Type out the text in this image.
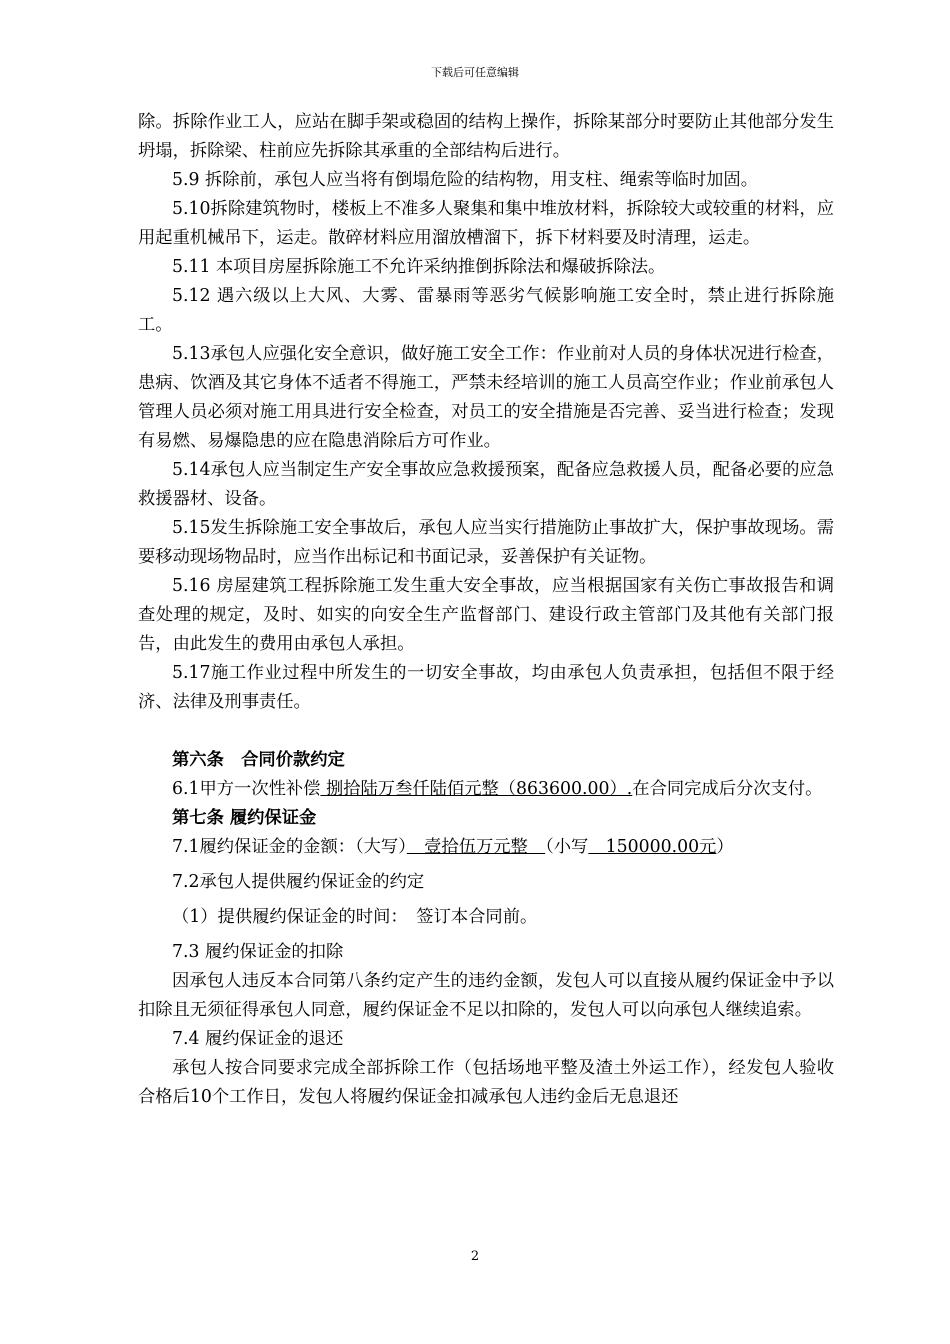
下载后可任意编辑

除。拆除作业工人，应站在脚手架或稳固的结构上操作，拆除某部分时要防止其他部分发生坍塌，拆除梁、柱前应先拆除其承重的全部结构后进行。

5.9 拆除前，承包人应当将有倒塌危险的结构物，用支柱、绳索等临时加固。

5.10拆除建筑物时，楼板上不准多人聚集和集中堆放材料，拆除较大或较重的材料，应用起重机械吊下，运走。散碎材料应用溜放槽溜下，拆下材料要及时清理，运走。

5.11 本项目房屋拆除施工不允许采纳推倒拆除法和爆破拆除法。

5.12 遇六级以上大风、大雾、雷暴雨等恶劣气候影响施工安全时，禁止进行拆除施工。

5.13承包人应强化安全意识，做好施工安全工作：作业前对人员的身体状况进行检查，患病、饮酒及其它身体不适者不得施工，严禁未经培训的施工人员高空作业；作业前承包人管理人员必须对施工用具进行安全检查，对员工的安全措施是否完善、妥当进行检查；发现有易燃、易爆隐患的应在隐患消除后方可作业。

5.14承包人应当制定生产安全事故应急救援预案，配备应急救援人员，配备必要的应急救援器材、设备。

5.15发生拆除施工安全事故后，承包人应当实行措施防止事故扩大，保护事故现场。需要移动现场物品时，应当作出标记和书面记录，妥善保护有关证物。

5.16 房屋建筑工程拆除施工发生重大安全事故，应当根据国家有关伤亡事故报告和调查处理的规定，及时、如实的向安全生产监督部门、建设行政主管部门及其他有关部门报告，由此发生的费用由承包人承担。

5.17施工作业过程中所发生的一切安全事故，均由承包人负责承担，包括但不限于经济、法律及刑事责任。

第六条　合同价款约定

6.1甲方一次性补偿 捌拾陆万叁仟陆佰元整（863600.00）.在合同完成后分次支付。

第七条 履约保证金

7.1履约保证金的金额：（大写）　壹拾伍万元整　（小写　150000.00元）

7.2承包人提供履约保证金的约定

（1）提供履约保证金的时间：　签订本合同前。

7.3 履约保证金的扣除

因承包人违反本合同第八条约定产生的违约金额，发包人可以直接从履约保证金中予以扣除且无须征得承包人同意，履约保证金不足以扣除的，发包人可以向承包人继续追索。

7.4 履约保证金的退还

承包人按合同要求完成全部拆除工作（包括场地平整及渣土外运工作），经发包人验收合格后10个工作日，发包人将履约保证金扣减承包人违约金后无息退还

2
